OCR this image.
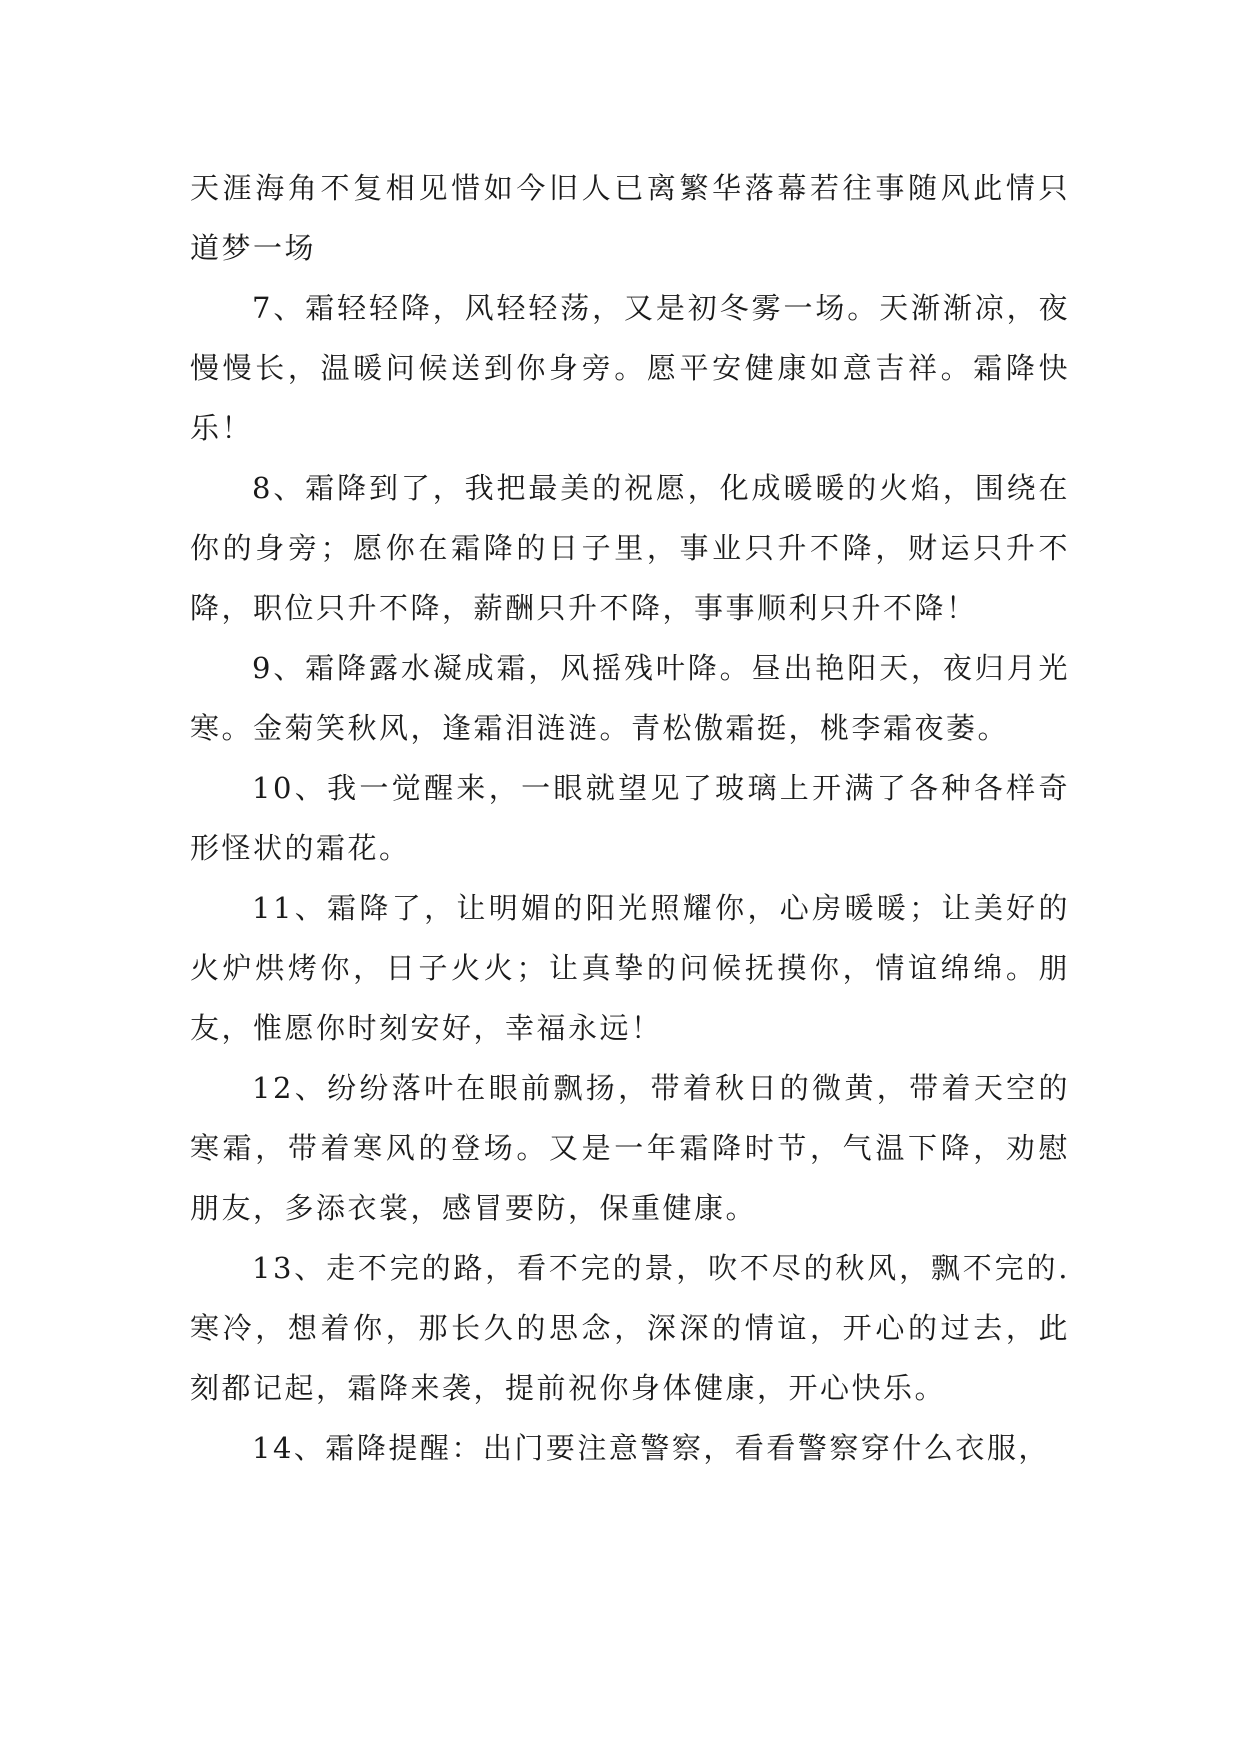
天涯海角不复相见惜如今旧人已离繁华落幕若往事随风此情只道梦一场

7、霜轻轻降，风轻轻荡，又是初冬雾一场。天渐渐凉，夜慢慢长，温暖问候送到你身旁。愿平安健康如意吉祥。霜降快乐！

8、霜降到了，我把最美的祝愿，化成暖暖的火焰，围绕在你的身旁；愿你在霜降的日子里，事业只升不降，财运只升不降，职位只升不降，薪酬只升不降，事事顺利只升不降！

9、霜降露水凝成霜，风摇残叶降。昼出艳阳天，夜归月光寒。金菊笑秋风，逢霜泪涟涟。青松傲霜挺，桃李霜夜萎。

10、我一觉醒来，一眼就望见了玻璃上开满了各种各样奇形怪状的霜花。

11、霜降了，让明媚的阳光照耀你，心房暖暖；让美好的火炉烘烤你，日子火火；让真挚的问候抚摸你，情谊绵绵。朋友，惟愿你时刻安好，幸福永远！

12、纷纷落叶在眼前飘扬，带着秋日的微黄，带着天空的寒霜，带着寒风的登场。又是一年霜降时节，气温下降，劝慰朋友，多添衣裳，感冒要防，保重健康。

13、走不完的路，看不完的景，吹不尽的秋风，飘不完的.寒冷，想着你，那长久的思念，深深的情谊，开心的过去，此刻都记起，霜降来袭，提前祝你身体健康，开心快乐。

14、霜降提醒：出门要注意警察，看看警察穿什么衣服，
